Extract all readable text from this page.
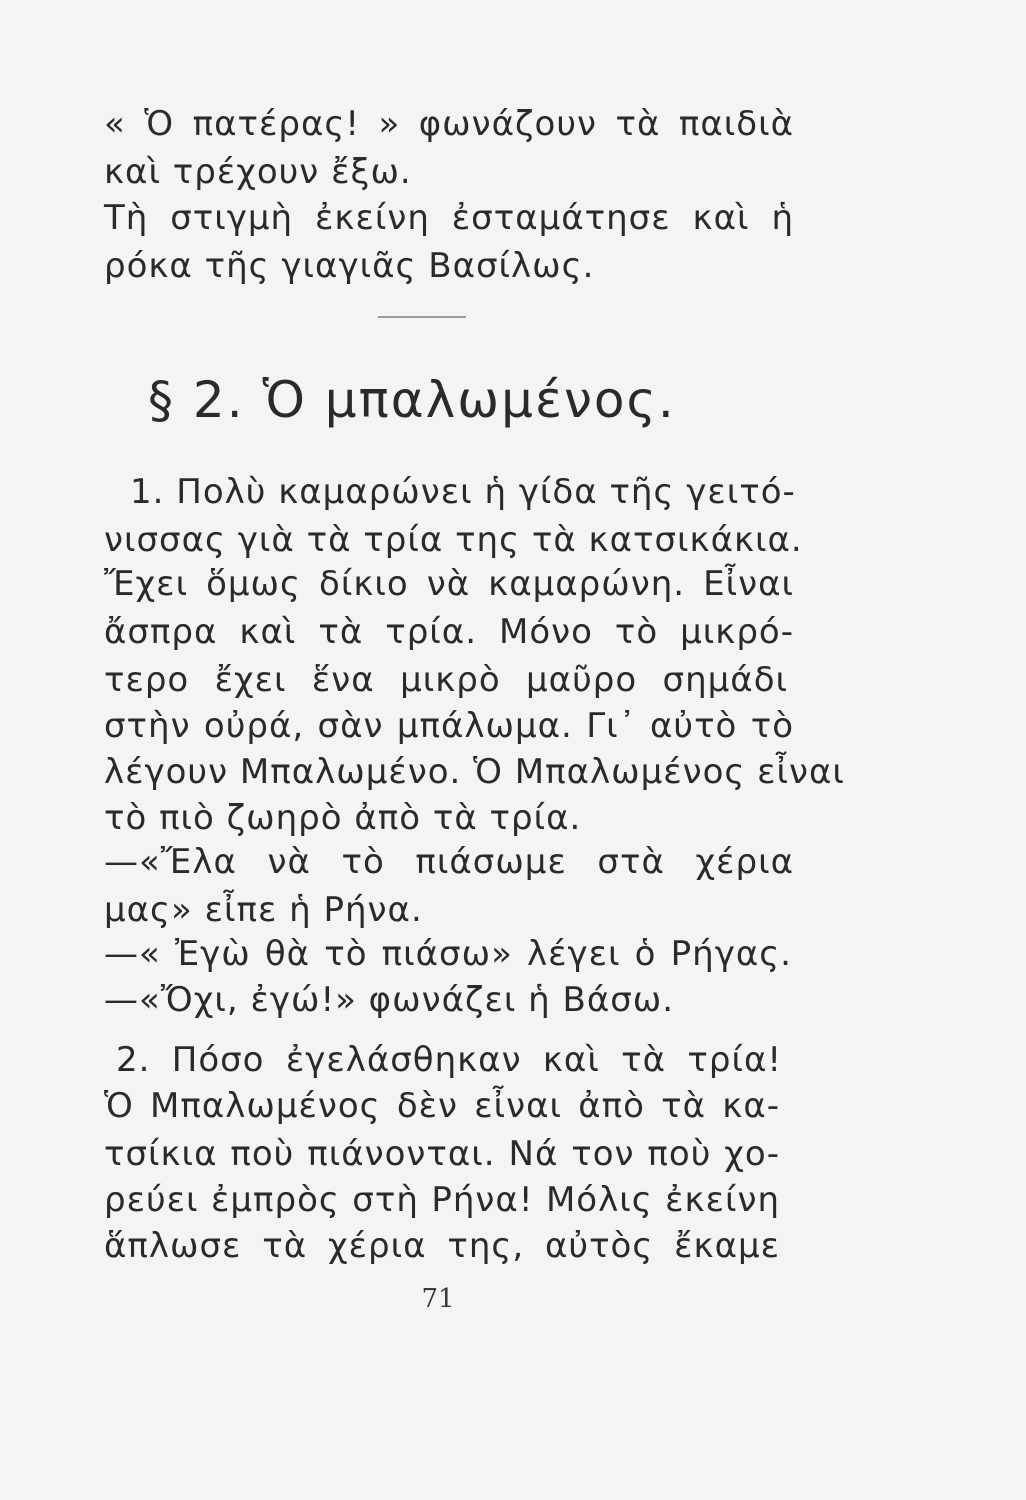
« Ὁ πατέρας! » φωνάζουν τὰ παιδιὰ
καὶ τρέχουν ἔξω.
Τὴ στιγμὴ ἐκείνη ἐσταμάτησε καὶ ἡ
ρόκα τῆς γιαγιᾶς Βασίλως.
§ 2. Ὁ μπαλωμένος.
1. Πολὺ καμαρώνει ἡ γίδα τῆς γειτό-
νισσας γιὰ τὰ τρία της τὰ κατσικάκια.
Ἔχει ὅμως δίκιο νὰ καμαρώνη. Εἶναι
ἄσπρα καὶ τὰ τρία. Μόνο τὸ μικρό-
τερο ἔχει ἕνα μικρὸ μαῦρο σημάδι
στὴν οὐρά, σὰν μπάλωμα. Γι᾽ αὐτὸ τὸ
λέγουν Μπαλωμένο. Ὁ Μπαλωμένος εἶναι
τὸ πιὸ ζωηρὸ ἀπὸ τὰ τρία.
—«Ἔλα νὰ τὸ πιάσωμε στὰ χέρια
μας» εἶπε ἡ Ρήνα.
—« Ἐγὼ θὰ τὸ πιάσω» λέγει ὁ Ρήγας.
—«Ὄχι, ἐγώ!» φωνάζει ἡ Βάσω.
2. Πόσο ἐγελάσθηκαν καὶ τὰ τρία!
Ὁ Μπαλωμένος δὲν εἶναι ἀπὸ τὰ κα-
τσίκια ποὺ πιάνονται. Νά τον ποὺ χο-
ρεύει ἐμπρὸς στὴ Ρήνα! Μόλις ἐκείνη
ἅπλωσε τὰ χέρια της, αὐτὸς ἔκαμε
71
